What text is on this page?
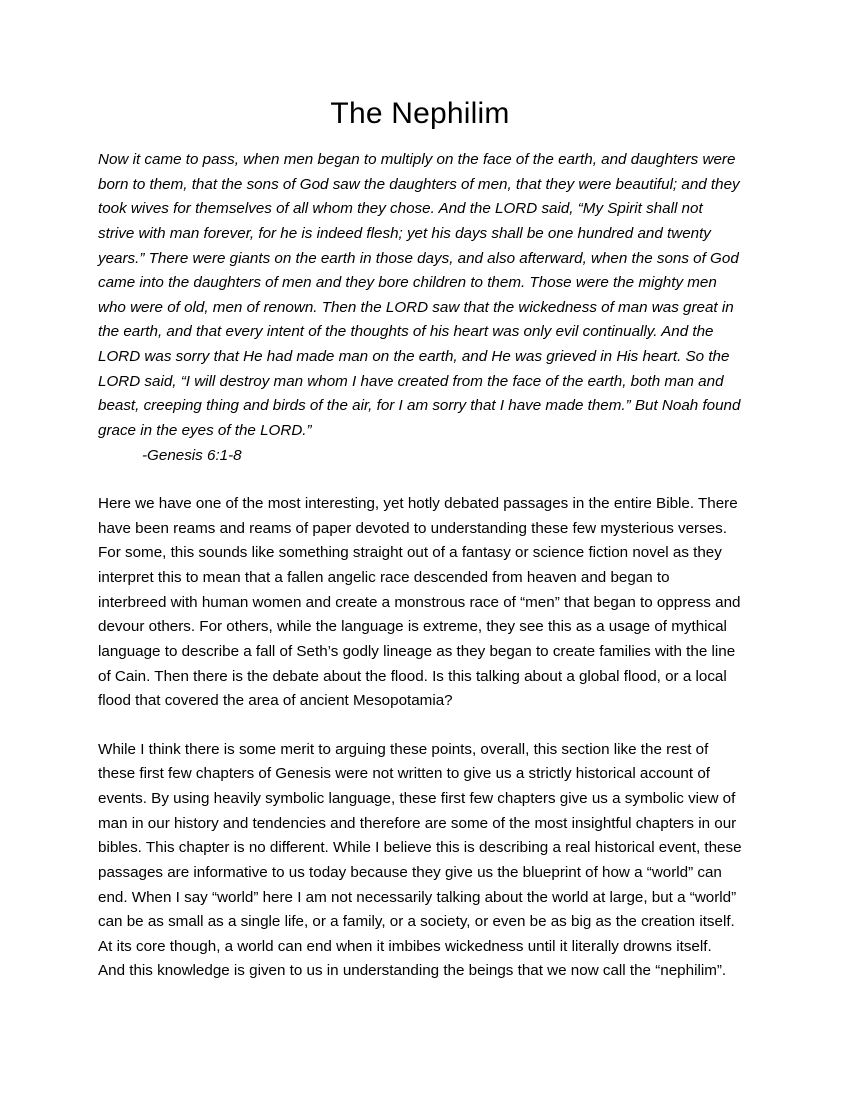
The Nephilim

Now it came to pass, when men began to multiply on the face of the earth, and daughters were born to them, that the sons of God saw the daughters of men, that they were beautiful; and they took wives for themselves of all whom they chose. And the LORD said, “My Spirit shall not strive with man forever, for he is indeed flesh; yet his days shall be one hundred and twenty years.” There were giants on the earth in those days, and also afterward, when the sons of God came into the daughters of men and they bore children to them. Those were the mighty men who were of old, men of renown. Then the LORD saw that the wickedness of man was great in the earth, and that every intent of the thoughts of his heart was only evil continually. And the LORD was sorry that He had made man on the earth, and He was grieved in His heart. So the LORD said, “I will destroy man whom I have created from the face of the earth, both man and beast, creeping thing and birds of the air, for I am sorry that I have made them.” But Noah found grace in the eyes of the LORD.”

-Genesis 6:1-8

Here we have one of the most interesting, yet hotly debated passages in the entire Bible. There have been reams and reams of paper devoted to understanding these few mysterious verses. For some, this sounds like something straight out of a fantasy or science fiction novel as they interpret this to mean that a fallen angelic race descended from heaven and began to interbreed with human women and create a monstrous race of “men” that began to oppress and devour others. For others, while the language is extreme, they see this as a usage of mythical language to describe a fall of Seth’s godly lineage as they began to create families with the line of Cain. Then there is the debate about the flood. Is this talking about a global flood, or a local flood that covered the area of ancient Mesopotamia?

While I think there is some merit to arguing these points, overall, this section like the rest of these first few chapters of Genesis were not written to give us a strictly historical account of events. By using heavily symbolic language, these first few chapters give us a symbolic view of man in our history and tendencies and therefore are some of the most insightful chapters in our bibles. This chapter is no different. While I believe this is describing a real historical event, these passages are informative to us today because they give us the blueprint of how a “world” can end. When I say “world” here I am not necessarily talking about the world at large, but a “world” can be as small as a single life, or a family, or a society, or even be as big as the creation itself. At its core though, a world can end when it imbibes wickedness until it literally drowns itself. And this knowledge is given to us in understanding the beings that we now call the “nephilim”.
